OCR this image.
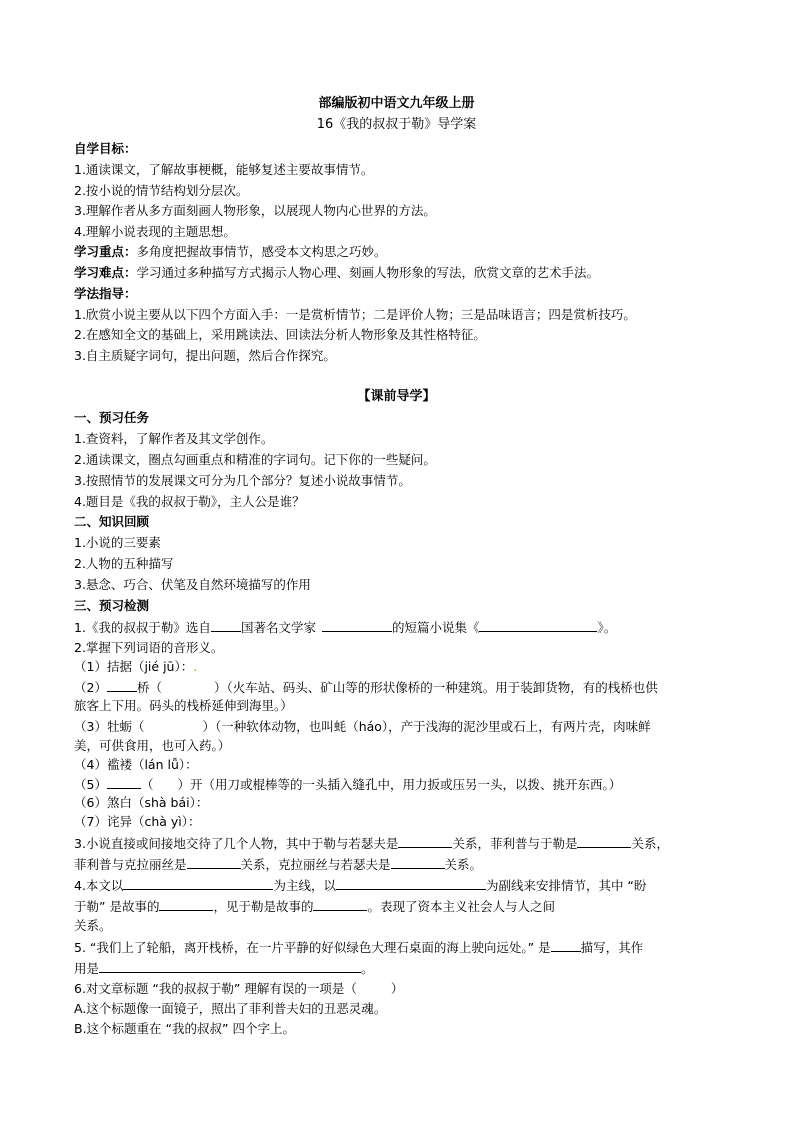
部编版初中语文九年级上册
16《我的叔叔于勒》导学案
自学目标：
1.通读课文，了解故事梗概，能够复述主要故事情节。
2.按小说的情节结构划分层次。
3.理解作者从多方面刻画人物形象，以展现人物内心世界的方法。
4.理解小说表现的主题思想。
学习重点：多角度把握故事情节，感受本文构思之巧妙。
学习难点：学习通过多种描写方式揭示人物心理、刻画人物形象的写法，欣赏文章的艺术手法。
学法指导：
1.欣赏小说主要从以下四个方面入手：一是赏析情节；二是评价人物；三是品味语言；四是赏析技巧。
2.在感知全文的基础上，采用跳读法、回读法分析人物形象及其性格特征。
3.自主质疑字词句，提出问题，然后合作探究。
【课前导学】
一、预习任务
1.查资料，了解作者及其文学创作。
2.通读课文，圈点勾画重点和精准的字词句。记下你的一些疑问。
3.按照情节的发展课文可分为几个部分？复述小说故事情节。
4.题目是《我的叔叔于勒》，主人公是谁？
二、知识回顾
1.小说的三要素
2.人物的五种描写
3.悬念、巧合、伏笔及自然环境描写的作用
三、预习检测
1.《我的叔叔于勒》选自 国著名文学家	的短篇小说集《	》。
2.掌握下列词语的音形义。
（1）拮据（jié jū）：.
（2） 桥（	）（火车站、码头、矿山等的形状像桥的一种建筑。用于装卸货物，有的栈桥也供
旅客上下用。码头的栈桥延伸到海里。）
（3）牡蛎（	）（一种软体动物，也叫蚝（háo），产于浅海的泥沙里或石上，有两片壳，肉味鲜
美，可供食用，也可入药。）
（4）褴褛（lán lǚ）：
（5）	（ ）开（用刀或棍棒等的一头插入缝孔中，用力扳或压另一头，以拨、挑开东西。）
（6）煞白（shà bái）：
（7）诧异（chà yì）：
3.小说直接或间接地交待了几个人物，其中于勒与若瑟夫是	关系，菲利普与于勒是	关系，
菲利普与克拉丽丝是	关系，克拉丽丝与若瑟夫是	关系。
4.本文以	为主线，以	为副线来安排情节，其中 “盼
于勒” 是故事的	，见于勒是故事的	。表现了资本主义社会人与人之间
关系。
5. “我们上了轮船，离开栈桥，在一片平静的好似绿色大理石桌面的海上驶向远处。” 是 描写，其作
用是	。
6.对文章标题 “我的叔叔于勒” 理解有误的一项是（	）
A.这个标题像一面镜子，照出了菲利普夫妇的丑恶灵魂。
B.这个标题重在 “我的叔叔” 四个字上。
